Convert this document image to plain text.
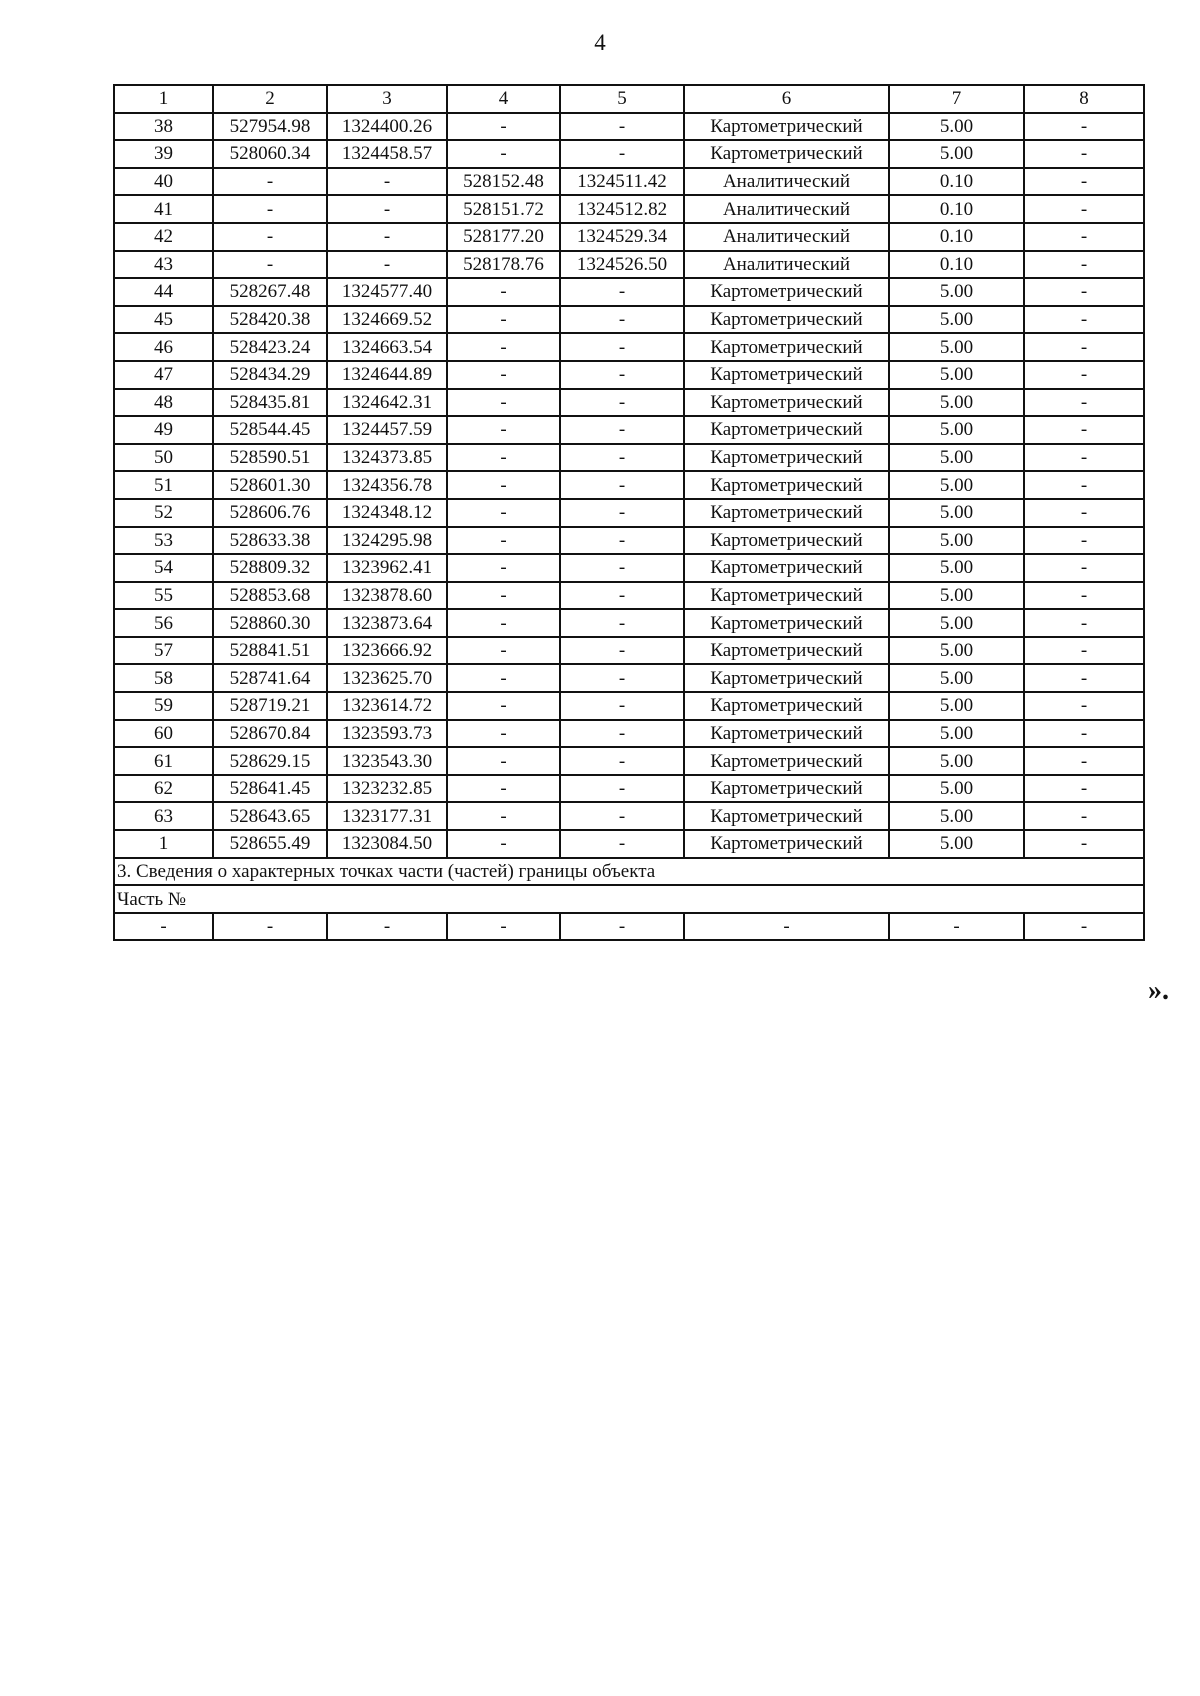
4
1	2	3	4	5	6	7	8
38	527954.98	1324400.26	-	-	Картометрический	5.00	-
39	528060.34	1324458.57	-	-	Картометрический	5.00	-
40	-	-	528152.48	1324511.42	Аналитический	0.10	-
41	-	-	528151.72	1324512.82	Аналитический	0.10	-
42	-	-	528177.20	1324529.34	Аналитический	0.10	-
43	-	-	528178.76	1324526.50	Аналитический	0.10	-
44	528267.48	1324577.40	-	-	Картометрический	5.00	-
45	528420.38	1324669.52	-	-	Картометрический	5.00	-
46	528423.24	1324663.54	-	-	Картометрический	5.00	-
47	528434.29	1324644.89	-	-	Картометрический	5.00	-
48	528435.81	1324642.31	-	-	Картометрический	5.00	-
49	528544.45	1324457.59	-	-	Картометрический	5.00	-
50	528590.51	1324373.85	-	-	Картометрический	5.00	-
51	528601.30	1324356.78	-	-	Картометрический	5.00	-
52	528606.76	1324348.12	-	-	Картометрический	5.00	-
53	528633.38	1324295.98	-	-	Картометрический	5.00	-
54	528809.32	1323962.41	-	-	Картометрический	5.00	-
55	528853.68	1323878.60	-	-	Картометрический	5.00	-
56	528860.30	1323873.64	-	-	Картометрический	5.00	-
57	528841.51	1323666.92	-	-	Картометрический	5.00	-
58	528741.64	1323625.70	-	-	Картометрический	5.00	-
59	528719.21	1323614.72	-	-	Картометрический	5.00	-
60	528670.84	1323593.73	-	-	Картометрический	5.00	-
61	528629.15	1323543.30	-	-	Картометрический	5.00	-
62	528641.45	1323232.85	-	-	Картометрический	5.00	-
63	528643.65	1323177.31	-	-	Картометрический	5.00	-
1	528655.49	1323084.50	-	-	Картометрический	5.00	-
3. Сведения о характерных точках части (частей) границы объекта							
Часть №							
-	-	-	-	-	-	-	-
».
